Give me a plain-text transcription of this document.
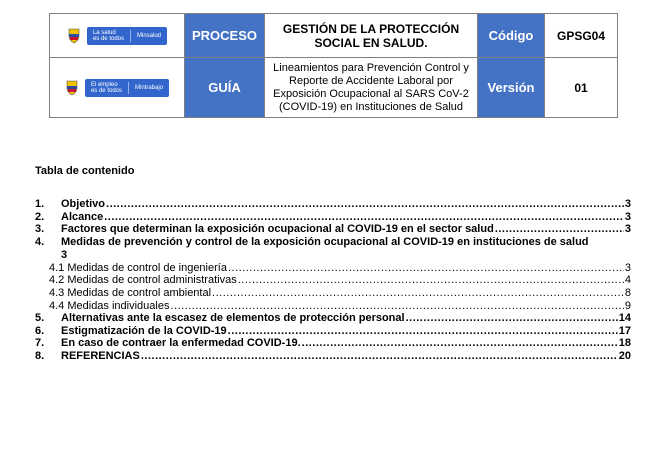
La salud
es de todos Minsalud	PROCESO	GESTIÓN DE LA PROTECCIÓN SOCIAL EN SALUD.	Código	GPSG04

El empleo
es de todos Mintrabajo	GUÍA	Lineamientos para Prevención Control y Reporte de Accidente Laboral por Exposición Ocupacional al SARS CoV-2 (COVID-19) en Instituciones de Salud	Versión	01
Tabla de contenido
1.	Objetivo .....	3
2.	Alcance .....	3
3.	Factores que determinan la exposición ocupacional al COVID-19 en el sector salud .....	3
4.	Medidas de prevención y control de la exposición ocupacional al COVID-19 en instituciones de salud
3
4.1 Medidas de control de ingeniería .....	3
4.2 Medidas de control administrativas .....	4
4.3 Medidas de control ambiental .....	8
4.4 Medidas individuales .....	9
5.	Alternativas ante la escasez de elementos de protección personal .....	14
6.	Estigmatización de la COVID-19 .....	17
7.	En caso de contraer la enfermedad COVID-19. .....	18
8.	REFERENCIAS .....	20
